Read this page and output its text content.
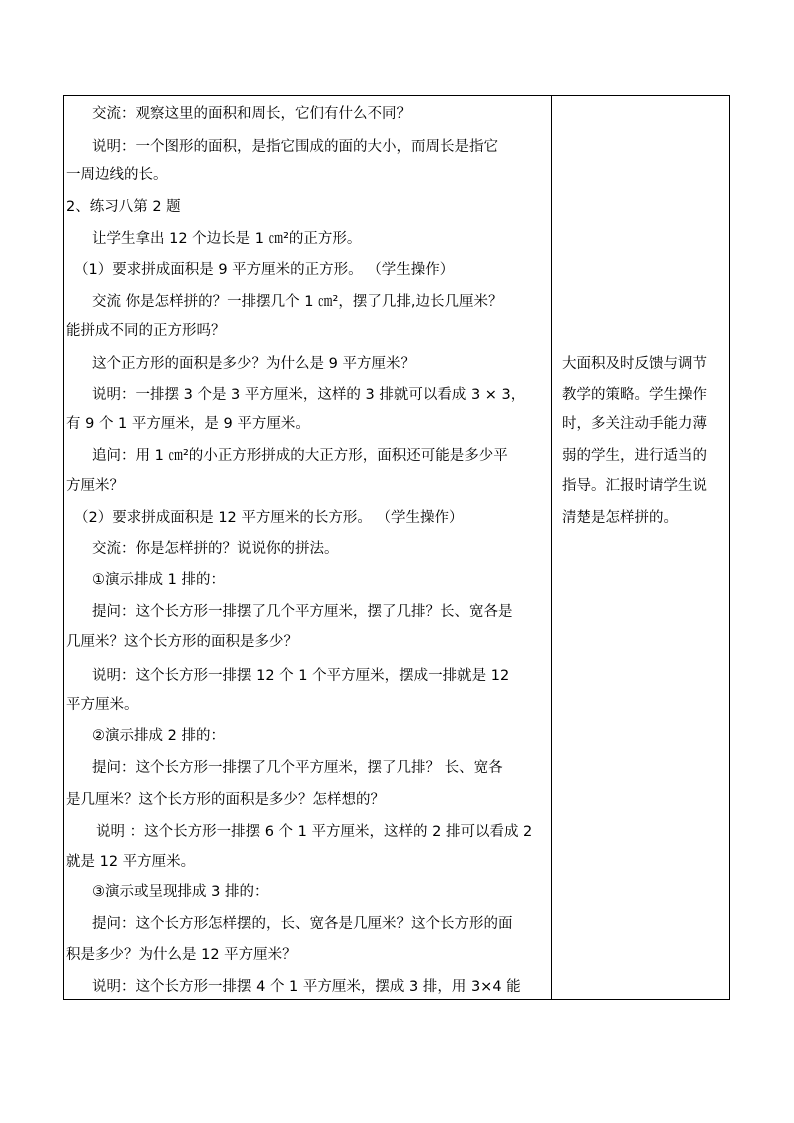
交流：观察这里的面积和周长，它们有什么不同？
说明：一个图形的面积，是指它围成的面的大小，而周长是指它
一周边线的长。
2、练习八第 2 题
让学生拿出 12 个边长是 1 ㎝²的正方形。
（1）要求拼成面积是 9 平方厘米的正方形。 （学生操作）
交流 你是怎样拼的？一排摆几个 1 ㎝²，摆了几排,边长几厘米？
能拼成不同的正方形吗？
这个正方形的面积是多少？为什么是 9 平方厘米？
说明：一排摆 3 个是 3 平方厘米，这样的 3 排就可以看成 3 × 3，
有 9 个 1 平方厘米，是 9 平方厘米。
追问：用 1 ㎝²的小正方形拼成的大正方形，面积还可能是多少平
方厘米？
（2）要求拼成面积是 12 平方厘米的长方形。 （学生操作）
交流：你是怎样拼的？说说你的拼法。
①演示排成 1 排的：
提问：这个长方形一排摆了几个平方厘米，摆了几排？长、宽各是
几厘米？这个长方形的面积是多少？
说明：这个长方形一排摆 12 个 1 个平方厘米，摆成一排就是 12
平方厘米。
②演示排成 2 排的：
提问：这个长方形一排摆了几个平方厘米，摆了几排？ 长、宽各
是几厘米？这个长方形的面积是多少？怎样想的？
说明 ：这个长方形一排摆 6 个 1 平方厘米，这样的 2 排可以看成 2
就是 12 平方厘米。
③演示或呈现排成 3 排的：
提问：这个长方形怎样摆的，长、宽各是几厘米？这个长方形的面
积是多少？为什么是 12 平方厘米？
说明：这个长方形一排摆 4 个 1 平方厘米，摆成 3 排，用 3×4 能
大面积及时反馈与调节
教学的策略。学生操作
时，多关注动手能力薄
弱的学生，进行适当的
指导。汇报时请学生说
清楚是怎样拼的。
